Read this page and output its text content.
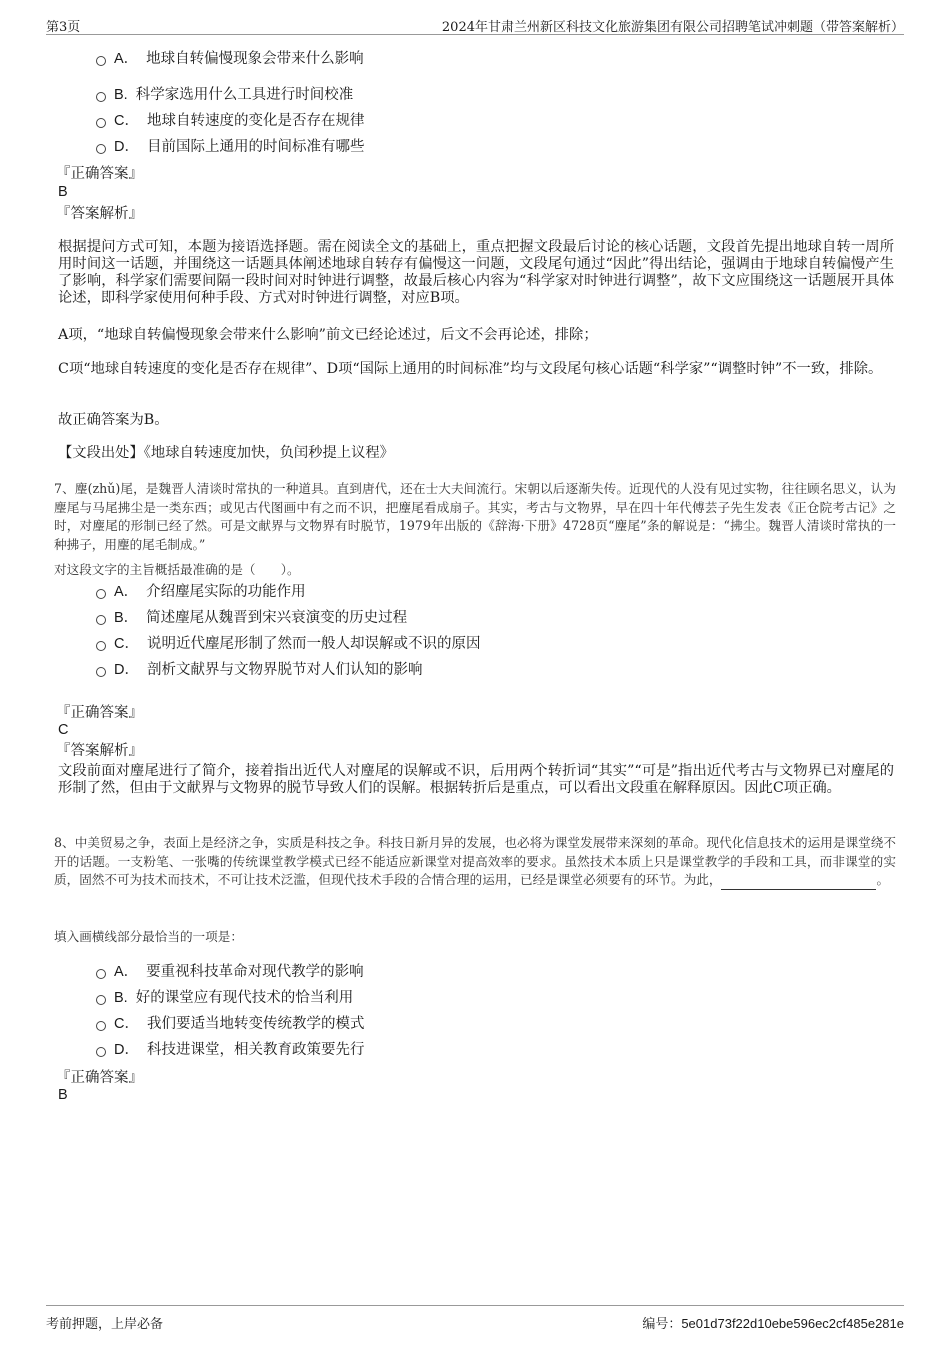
第3页	2024年甘肃兰州新区科技文化旅游集团有限公司招聘笔试冲刺题（带答案解析）
A． 地球自转偏慢现象会带来什么影响
B. 科学家选用什么工具进行时间校准
C． 地球自转速度的变化是否存在规律
D． 目前国际上通用的时间标准有哪些
『正确答案』
B
『答案解析』
根据提问方式可知，本题为接语选择题。需在阅读全文的基础上，重点把握文段最后讨论的核心话题，文段首先提出地球自转一周所用时间这一话题，并围绕这一话题具体阐述地球自转存有偏慢这一问题，文段尾句通过“因此”得出结论，强调由于地球自转偏慢产生了影响，科学家们需要间隔一段时间对时钟进行调整，故最后核心内容为“科学家对时钟进行调整”，故下文应围绕这一话题展开具体论述，即科学家使用何种手段、方式对时钟进行调整，对应B项。
A项，“地球自转偏慢现象会带来什么影响”前文已经论述过，后文不会再论述，排除；
C项“地球自转速度的变化是否存在规律”、D项“国际上通用的时间标准”均与文段尾句核心话题“科学家”“调整时钟”不一致，排除。
故正确答案为B。
【文段出处】《地球自转速度加快，负闰秒提上议程》
7、麈(zhǔ)尾，是魏晋人清谈时常执的一种道具。直到唐代，还在士大夫间流行。宋朝以后逐渐失传。近现代的人没有见过实物，往往顾名思义，认为麈尾与马尾拂尘是一类东西；或见古代图画中有之而不识，把麈尾看成扇子。其实，考古与文物界，早在四十年代傅芸子先生发表《正仓院考古记》之时，对麈尾的形制已经了然。可是文献界与文物界有时脱节，1979年出版的《辞海·下册》4728页“麈尾”条的解说是：“拂尘。魏晋人清谈时常执的一种拂子，用麈的尾毛制成。”
对这段文字的主旨概括最准确的是（　　）。
A． 介绍麈尾实际的功能作用
B． 简述麈尾从魏晋到宋兴衰演变的历史过程
C． 说明近代麈尾形制了然而一般人却误解或不识的原因
D． 剖析文献界与文物界脱节对人们认知的影响
『正确答案』
C
『答案解析』
文段前面对麈尾进行了简介，接着指出近代人对麈尾的误解或不识，后用两个转折词“其实”“可是”指出近代考古与文物界已对麈尾的形制了然，但由于文献界与文物界的脱节导致人们的误解。根据转折后是重点，可以看出文段重在解释原因。因此C项正确。
8、中美贸易之争，表面上是经济之争，实质是科技之争。科技日新月异的发展，也必将为课堂发展带来深刻的革命。现代化信息技术的运用是课堂绕不开的话题。一支粉笔、一张嘴的传统课堂教学模式已经不能适应新课堂对提高效率的要求。虽然技术本质上只是课堂教学的手段和工具，而非课堂的实质，固然不可为技术而技术，不可让技术泛滥，但现代技术手段的合情合理的运用，已经是课堂必须要有的环节。为此，	。
填入画横线部分最恰当的一项是：
A． 要重视科技革命对现代教学的影响
B. 好的课堂应有现代技术的恰当利用
C． 我们要适当地转变传统教学的模式
D． 科技进课堂，相关教育政策要先行
『正确答案』
B
考前押题，上岸必备	编号：5e01d73f22d10ebe596ec2cf485e281e
